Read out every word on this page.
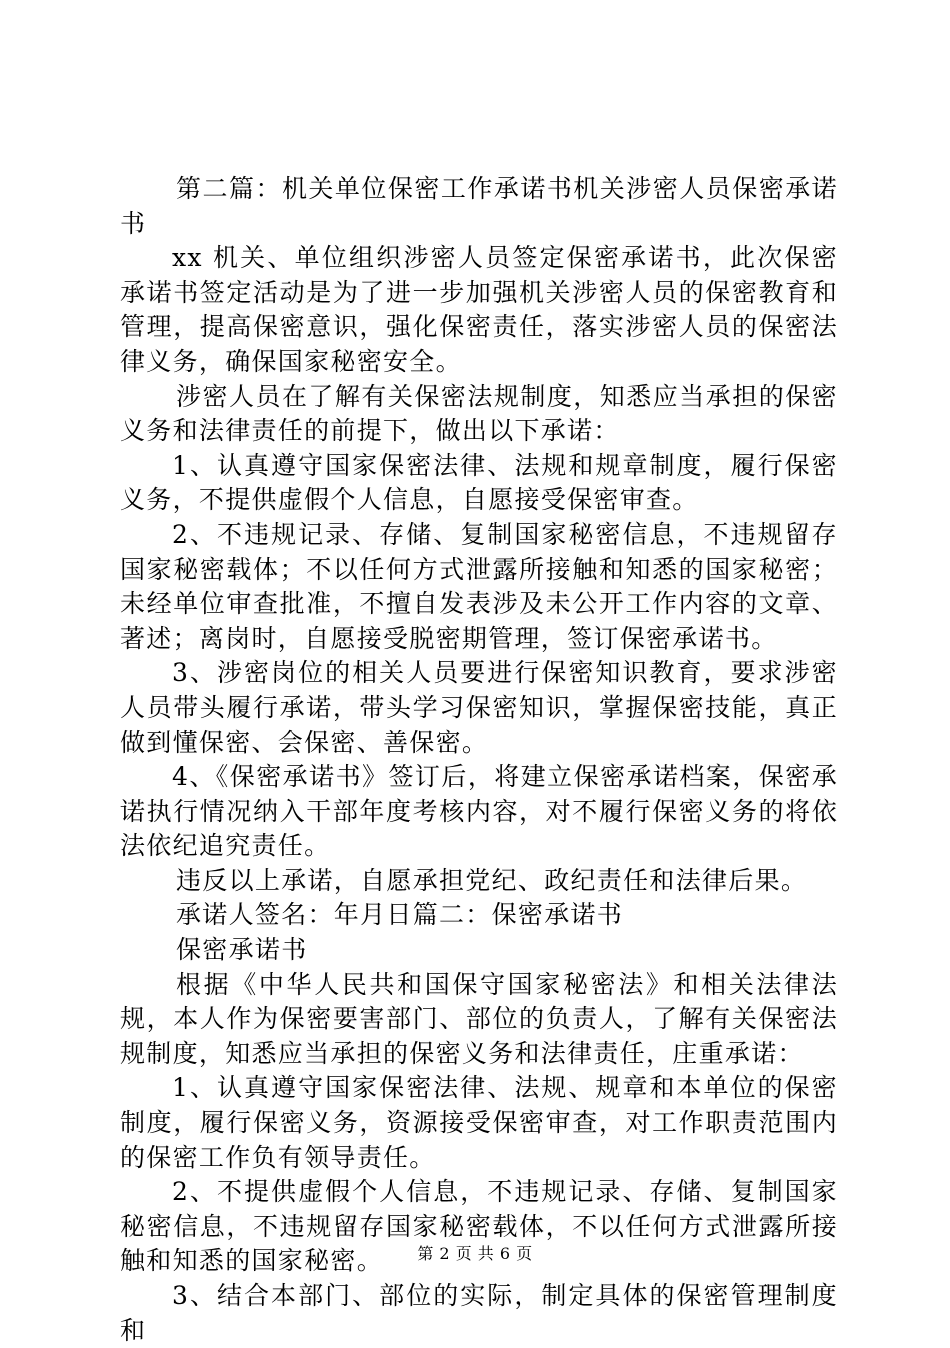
第二篇：机关单位保密工作承诺书机关涉密人员保密承诺书

xx 机关、单位组织涉密人员签定保密承诺书，此次保密承诺书签定活动是为了进一步加强机关涉密人员的保密教育和管理，提高保密意识，强化保密责任，落实涉密人员的保密法律义务，确保国家秘密安全。

涉密人员在了解有关保密法规制度，知悉应当承担的保密义务和法律责任的前提下，做出以下承诺：

1、认真遵守国家保密法律、法规和规章制度，履行保密义务，不提供虚假个人信息，自愿接受保密审查。

2、不违规记录、存储、复制国家秘密信息，不违规留存国家秘密载体；不以任何方式泄露所接触和知悉的国家秘密；未经单位审查批准，不擅自发表涉及未公开工作内容的文章、著述；离岗时，自愿接受脱密期管理，签订保密承诺书。

3、涉密岗位的相关人员要进行保密知识教育，要求涉密人员带头履行承诺，带头学习保密知识，掌握保密技能，真正做到懂保密、会保密、善保密。

4、《保密承诺书》签订后，将建立保密承诺档案，保密承诺执行情况纳入干部年度考核内容，对不履行保密义务的将依法依纪追究责任。

违反以上承诺，自愿承担党纪、政纪责任和法律后果。

承诺人签名：年月日篇二：保密承诺书

保密承诺书

根据《中华人民共和国保守国家秘密法》和相关法律法规，本人作为保密要害部门、部位的负责人，了解有关保密法规制度，知悉应当承担的保密义务和法律责任，庄重承诺：

1、认真遵守国家保密法律、法规、规章和本单位的保密制度，履行保密义务，资源接受保密审查，对工作职责范围内的保密工作负有领导责任。

2、不提供虚假个人信息，不违规记录、存储、复制国家秘密信息，不违规留存国家秘密载体，不以任何方式泄露所接触和知悉的国家秘密。

3、结合本部门、部位的实际，制定具体的保密管理制度和

第 2 页 共 6 页
